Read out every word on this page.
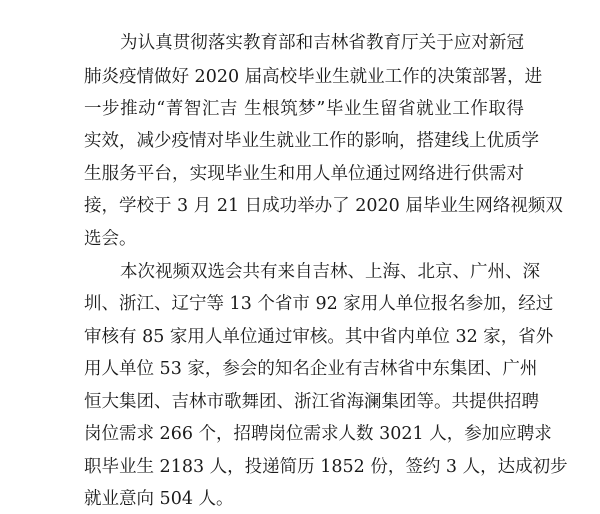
为认真贯彻落实教育部和吉林省教育厅关于应对新冠
肺炎疫情做好 2020 届高校毕业生就业工作的决策部署，进
一步推动“菁智汇吉 生根筑梦”毕业生留省就业工作取得
实效，减少疫情对毕业生就业工作的影响，搭建线上优质学
生服务平台，实现毕业生和用人单位通过网络进行供需对
接，学校于 3 月 21 日成功举办了 2020 届毕业生网络视频双
选会。
本次视频双选会共有来自吉林、上海、北京、广州、深
圳、浙江、辽宁等 13 个省市 92 家用人单位报名参加，经过
审核有 85 家用人单位通过审核。其中省内单位 32 家，省外
用人单位 53 家，参会的知名企业有吉林省中东集团、广州
恒大集团、吉林市歌舞团、浙江省海澜集团等。共提供招聘
岗位需求 266 个，招聘岗位需求人数 3021 人，参加应聘求
职毕业生 2183 人，投递简历 1852 份，签约 3 人，达成初步
就业意向 504 人。
